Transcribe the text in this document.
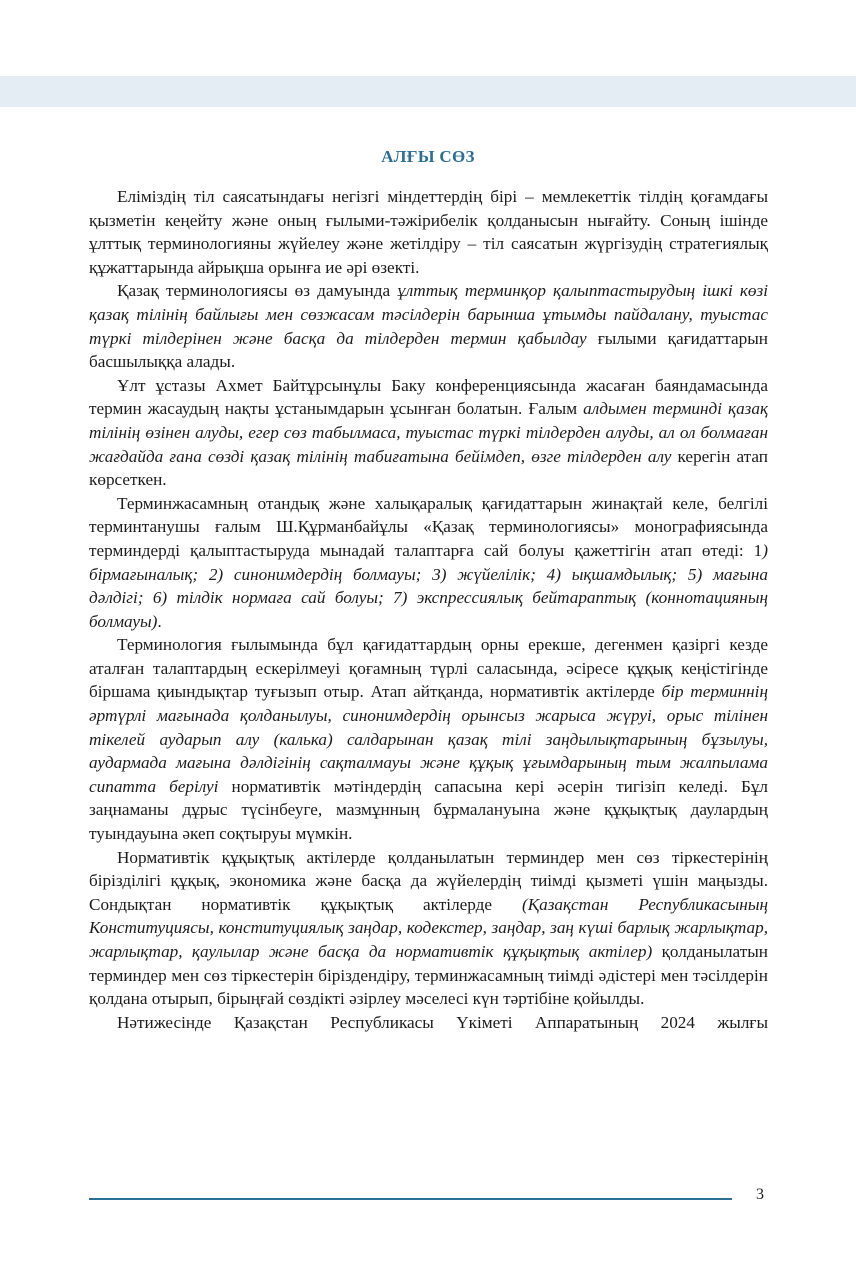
АЛҒЫ СӨЗ

Еліміздің тіл саясатындағы негізгі міндеттердің бірі – мемлекеттік тілдің қоғамдағы қызметін кеңейту және оның ғылыми-тәжірибелік қолданысын нығайту. Соның ішінде ұлттық терминологияны жүйелеу және жетілдіру – тіл саясатын жүргізудің стратегиялық құжаттарында айрықша орынға ие әрі өзекті.

Қазақ терминологиясы өз дамуында ұлттық терминқор қалыптастырудың ішкі көзі қазақ тілінің байлығы мен сөзжасам тәсілдерін барынша ұтымды пайдалану, туыстас түркі тілдерінен және басқа да тілдерден термин қабылдау ғылыми қағидаттарын басшылыққа алады.

Ұлт ұстазы Ахмет Байтұрсынұлы Баку конференциясында жасаған баяндамасында термин жасаудың нақты ұстанымдарын ұсынған болатын. Ғалым алдымен терминді қазақ тілінің өзінен алуды, егер сөз табылмаса, туыстас түркі тілдерден алуды, ал ол болмаған жағдайда ғана сөзді қазақ тілінің табиғатына бейімдеп, өзге тілдерден алу керегін атап көрсеткен.

Терминжасамның отандық және халықаралық қағидаттарын жинақтай келе, белгілі терминтанушы ғалым Ш.Құрманбайұлы «Қазақ терминологиясы» монографиясында терминдерді қалыптастыруда мынадай талаптарға сай болуы қажеттігін атап өтеді: 1) бірмағыналық; 2) синонимдердің болмауы; 3) жүйелілік; 4) ықшамдылық; 5) мағына дәлдігі; 6) тілдік нормаға сай болуы; 7) экспрессиялық бейтараптық (коннотацияның болмауы).

Терминология ғылымында бұл қағидаттардың орны ерекше, дегенмен қазіргі кезде аталған талаптардың ескерілмеуі қоғамның түрлі саласында, әсіресе құқық кеңістігінде біршама қиындықтар туғызып отыр. Атап айтқанда, нормативтік актілерде бір терминнің әртүрлі мағынада қолданылуы, синонимдердің орынсыз жарыса жүруі, орыс тілінен тікелей аударып алу (калька) салдарынан қазақ тілі заңдылықтарының бұзылуы, аудармада мағына дәлдігінің сақталмауы және құқық ұғымдарының тым жалпылама сипатта берілуі нормативтік мәтіндердің сапасына кері әсерін тигізіп келеді. Бұл заңнаманы дұрыс түсінбеуге, мазмұнның бұрмалануына және құқықтық даулардың туындауына әкеп соқтыруы мүмкін.

Нормативтік құқықтық актілерде қолданылатын терминдер мен сөз тіркестерінің бірізділігі құқық, экономика және басқа да жүйелердің тиімді қызметі үшін маңызды. Сондықтан нормативтік құқықтық актілерде (Қазақстан Республикасының Конституциясы, конституциялық заңдар, кодекстер, заңдар, заң күші барлық жарлықтар, жарлықтар, қаулылар және басқа да нормативтік құқықтық актілер) қолданылатын терминдер мен сөз тіркестерін біріздендіру, терминжасамның тиімді әдістері мен тәсілдерін қолдана отырып, бірыңғай сөздікті әзірлеу мәселесі күн тәртібіне қойылды.

Нәтижесінде Қазақстан Республикасы Үкіметі Аппаратының 2024 жылғы

3
